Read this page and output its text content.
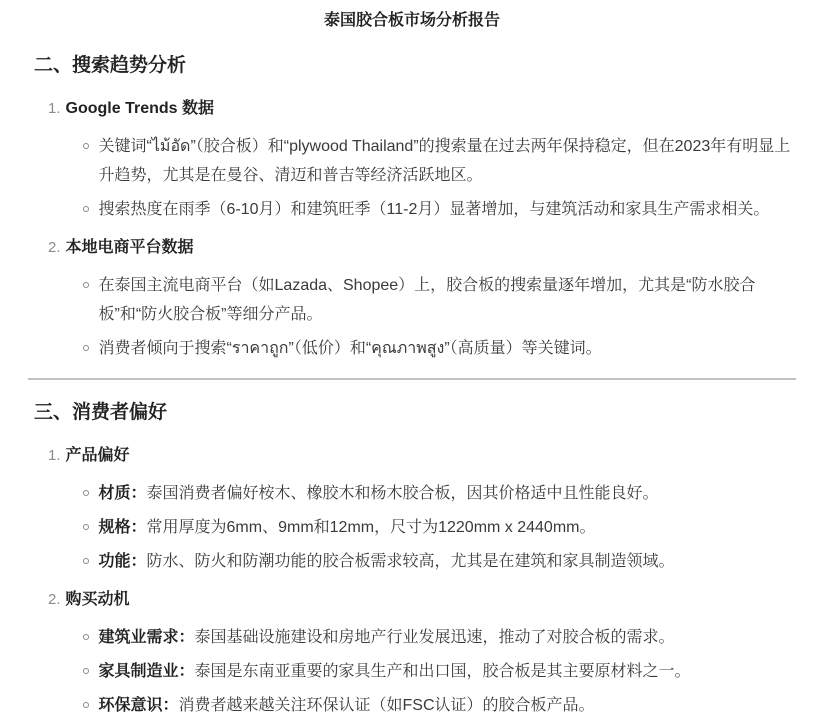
泰国胶合板市场分析报告
二、搜索趋势分析
1. Google Trends 数据
关键词“ไม้อัด”（胶合板）和“plywood Thailand”的搜索量在过去两年保持稳定，但在2023年有明显上升趋势，尤其是在曼谷、清迈和普吉等经济活跃地区。
搜索热度在雨季（6-10月）和建筑旺季（11-2月）显著增加，与建筑活动和家具生产需求相关。
2. 本地电商平台数据
在泰国主流电商平台（如Lazada、Shopee）上，胶合板的搜索量逐年增加，尤其是“防水胶合板”和“防火胶合板”等细分产品。
消费者倾向于搜索“ราคาถูก”（低价）和“คุณภาพสูง”（高质量）等关键词。
三、消费者偏好
1. 产品偏好
材质：泰国消费者偏好桉木、橡胶木和杨木胶合板，因其价格适中且性能良好。
规格：常用厚度为6mm、9mm和12mm，尺寸为1220mm x 2440mm。
功能：防水、防火和防潮功能的胶合板需求较高，尤其是在建筑和家具制造领域。
2. 购买动机
建筑业需求：泰国基础设施建设和房地产行业发展迅速，推动了对胶合板的需求。
家具制造业：泰国是东南亚重要的家具生产和出口国，胶合板是其主要原材料之一。
环保意识：消费者越来越关注环保认证（如FSC认证）的胶合板产品。
